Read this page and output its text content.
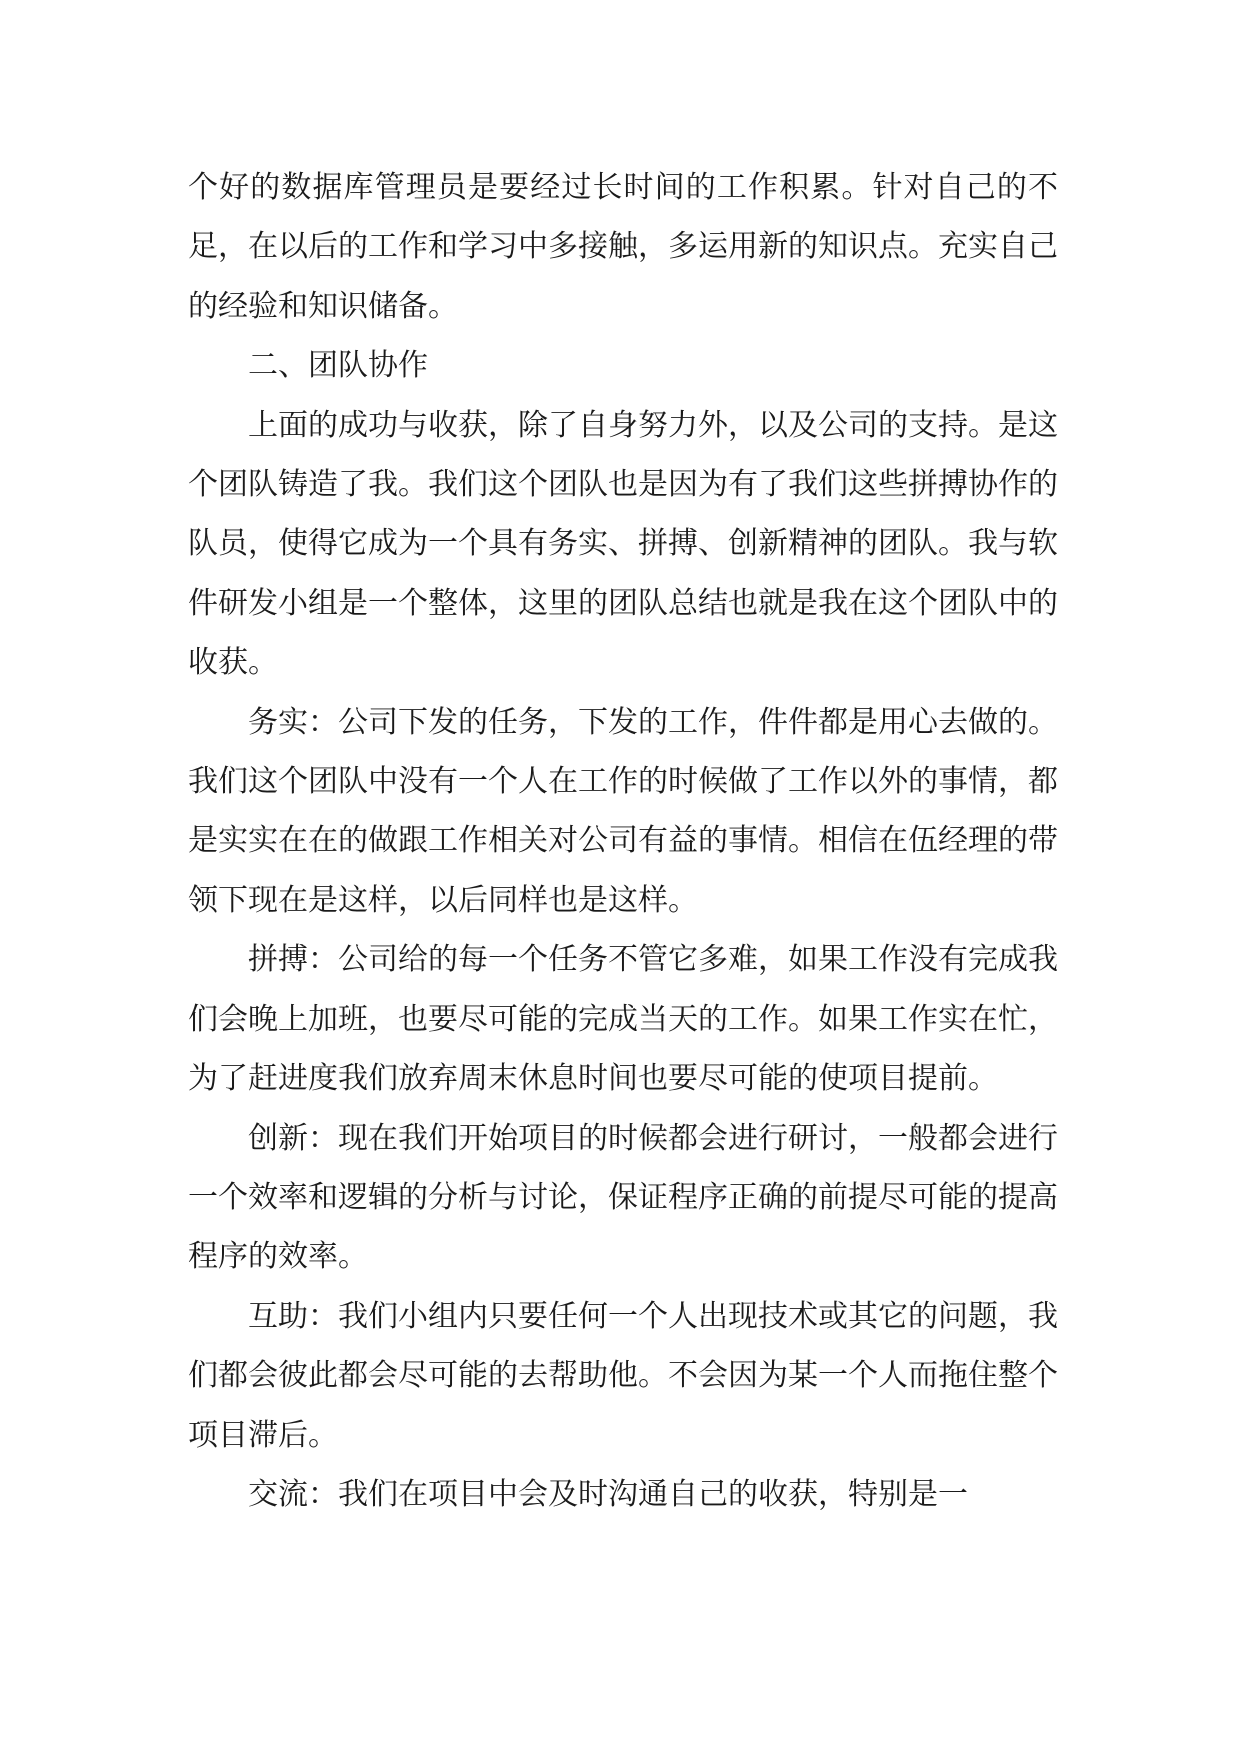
个好的数据库管理员是要经过长时间的工作积累。针对自己的不足，在以后的工作和学习中多接触，多运用新的知识点。充实自己的经验和知识储备。

二、团队协作

上面的成功与收获，除了自身努力外，以及公司的支持。是这个团队铸造了我。我们这个团队也是因为有了我们这些拼搏协作的队员，使得它成为一个具有务实、拼搏、创新精神的团队。我与软件研发小组是一个整体，这里的团队总结也就是我在这个团队中的收获。

务实：公司下发的任务，下发的工作，件件都是用心去做的。我们这个团队中没有一个人在工作的时候做了工作以外的事情，都是实实在在的做跟工作相关对公司有益的事情。相信在伍经理的带领下现在是这样，以后同样也是这样。

拼搏：公司给的每一个任务不管它多难，如果工作没有完成我们会晚上加班，也要尽可能的完成当天的工作。如果工作实在忙，为了赶进度我们放弃周末休息时间也要尽可能的使项目提前。

创新：现在我们开始项目的时候都会进行研讨，一般都会进行一个效率和逻辑的分析与讨论，保证程序正确的前提尽可能的提高程序的效率。

互助：我们小组内只要任何一个人出现技术或其它的问题，我们都会彼此都会尽可能的去帮助他。不会因为某一个人而拖住整个项目滞后。

交流：我们在项目中会及时沟通自己的收获，特别是一
